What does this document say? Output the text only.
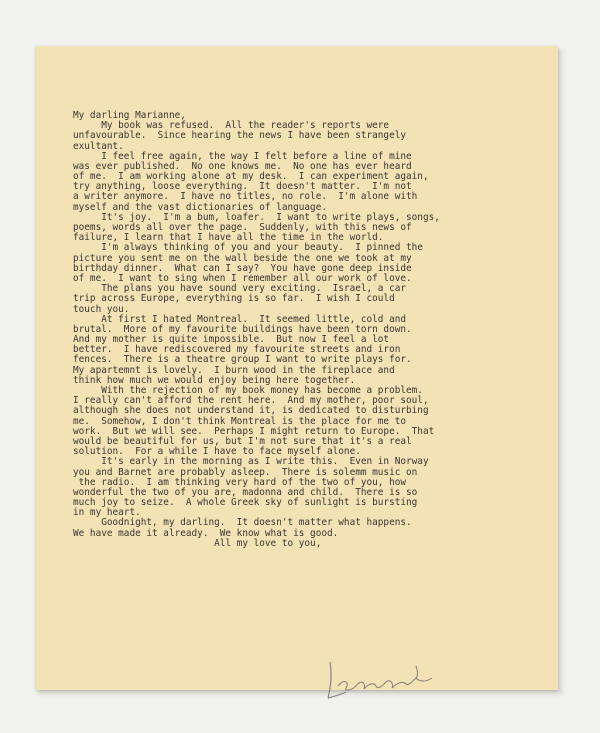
My darling Marianne,
My book was refused.  All the reader's reports were
unfavourable.  Since hearing the news I have been strangely
exultant.
I feel free again, the way I felt before a line of mine
was ever published.  No one knows me.  No one has ever heard
of me.  I am working alone at my desk.  I can experiment again,
try anything, loose everything.  It doesn't matter.  I'm not
a writer anymore.  I have no titles, no role.  I'm alone with
myself and the vast dictionaries of language.
It's joy.  I'm a bum, loafer.  I want to write plays, songs,
poems, words all over the page.  Suddenly, with this news of
failure, I learn that I have all the time in the world.
I'm always thinking of you and your beauty.  I pinned the
picture you sent me on the wall beside the one we took at my
birthday dinner.  What can I say?  You have gone deep inside
of me.  I want to sing when I remember all our work of love.
The plans you have sound very exciting.  Israel, a car
trip across Europe, everything is so far.  I wish I could
touch you.
At first I hated Montreal.  It seemed little, cold and
brutal.  More of my favourite buildings have been torn down.
And my mother is quite impossible.  But now I feel a lot
better.  I have rediscovered my favourite streets and iron
fences.  There is a theatre group I want to write plays for.
My apartemnt is lovely.  I burn wood in the fireplace and
think how much we would enjoy being here together.
With the rejection of my book money has become a problem.
I really can't afford the rent here.  And my mother, poor soul,
although she does not understand it, is dedicated to disturbing
me.  Somehow, I don't think Montreal is the place for me to
work.  But we will see.  Perhaps I might return to Europe.  That
would be beautiful for us, but I'm not sure that it's a real
solution.  For a while I have to face myself alone.
It's early in the morning as I write this.  Even in Norway
you and Barnet are probably asleep.  There is solemm music on
the radio.  I am thinking very hard of the two of you, how
wonderful the two of you are, madonna and child.  There is so
much joy to seize.  A whole Greek sky of sunlight is bursting
in my heart.
Goodnight, my darling.  It doesn't matter what happens.
We have made it already.  We know what is good.
All my love to you,
